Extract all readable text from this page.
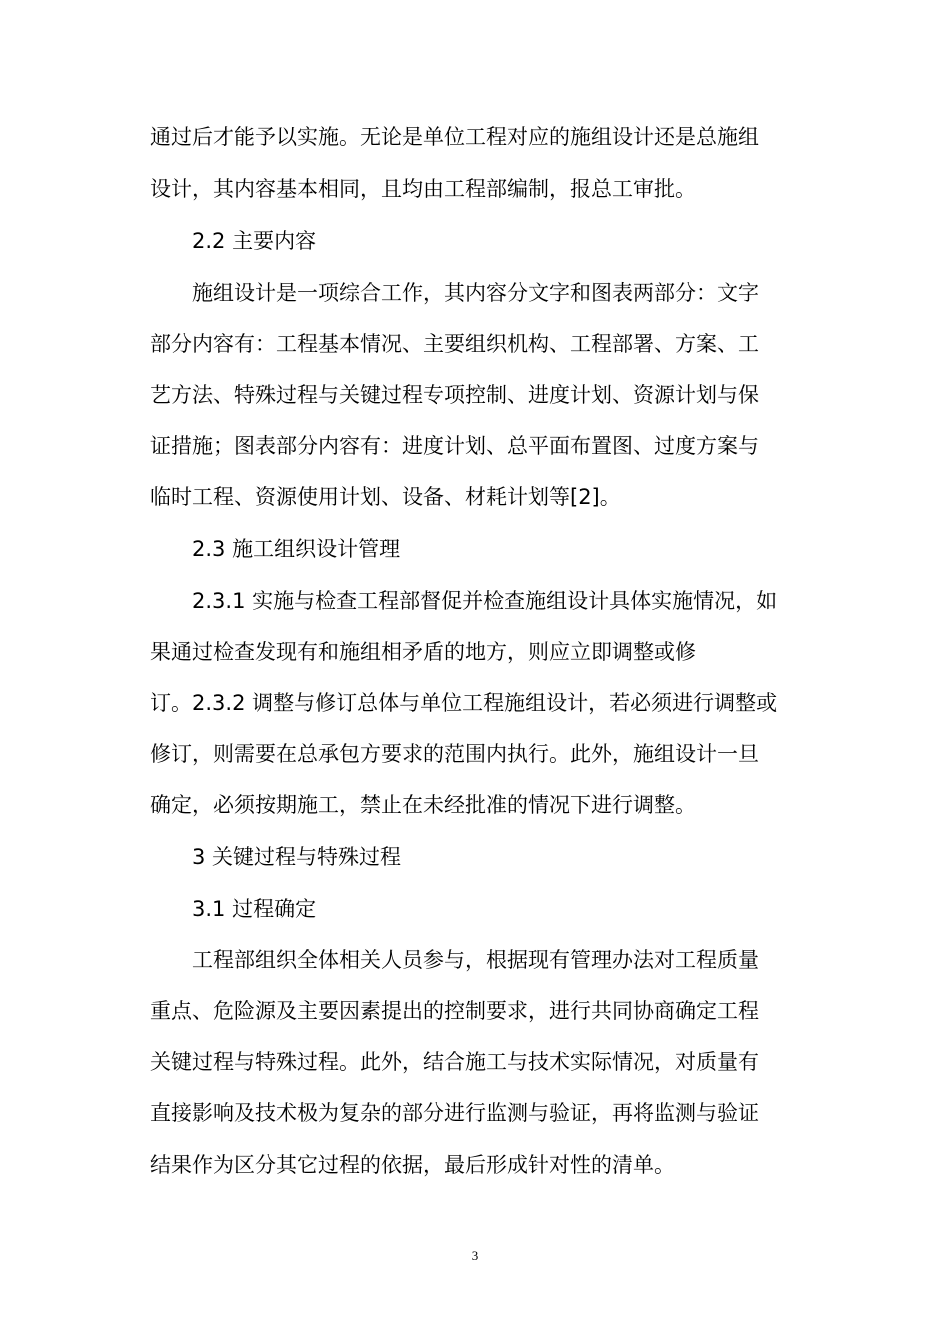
通过后才能予以实施。无论是单位工程对应的施组设计还是总施组

设计，其内容基本相同，且均由工程部编制，报总工审批。

2.2 主要内容

施组设计是一项综合工作，其内容分文字和图表两部分：文字

部分内容有：工程基本情况、主要组织机构、工程部署、方案、工

艺方法、特殊过程与关键过程专项控制、进度计划、资源计划与保

证措施；图表部分内容有：进度计划、总平面布置图、过度方案与

临时工程、资源使用计划、设备、材耗计划等[2]。

2.3 施工组织设计管理

2.3.1 实施与检查工程部督促并检查施组设计具体实施情况，如

果通过检查发现有和施组相矛盾的地方，则应立即调整或修

订。2.3.2 调整与修订总体与单位工程施组设计，若必须进行调整或

修订，则需要在总承包方要求的范围内执行。此外，施组设计一旦

确定，必须按期施工，禁止在未经批准的情况下进行调整。

3 关键过程与特殊过程

3.1 过程确定

工程部组织全体相关人员参与，根据现有管理办法对工程质量

重点、危险源及主要因素提出的控制要求，进行共同协商确定工程

关键过程与特殊过程。此外，结合施工与技术实际情况，对质量有

直接影响及技术极为复杂的部分进行监测与验证，再将监测与验证

结果作为区分其它过程的依据，最后形成针对性的清单。

3
